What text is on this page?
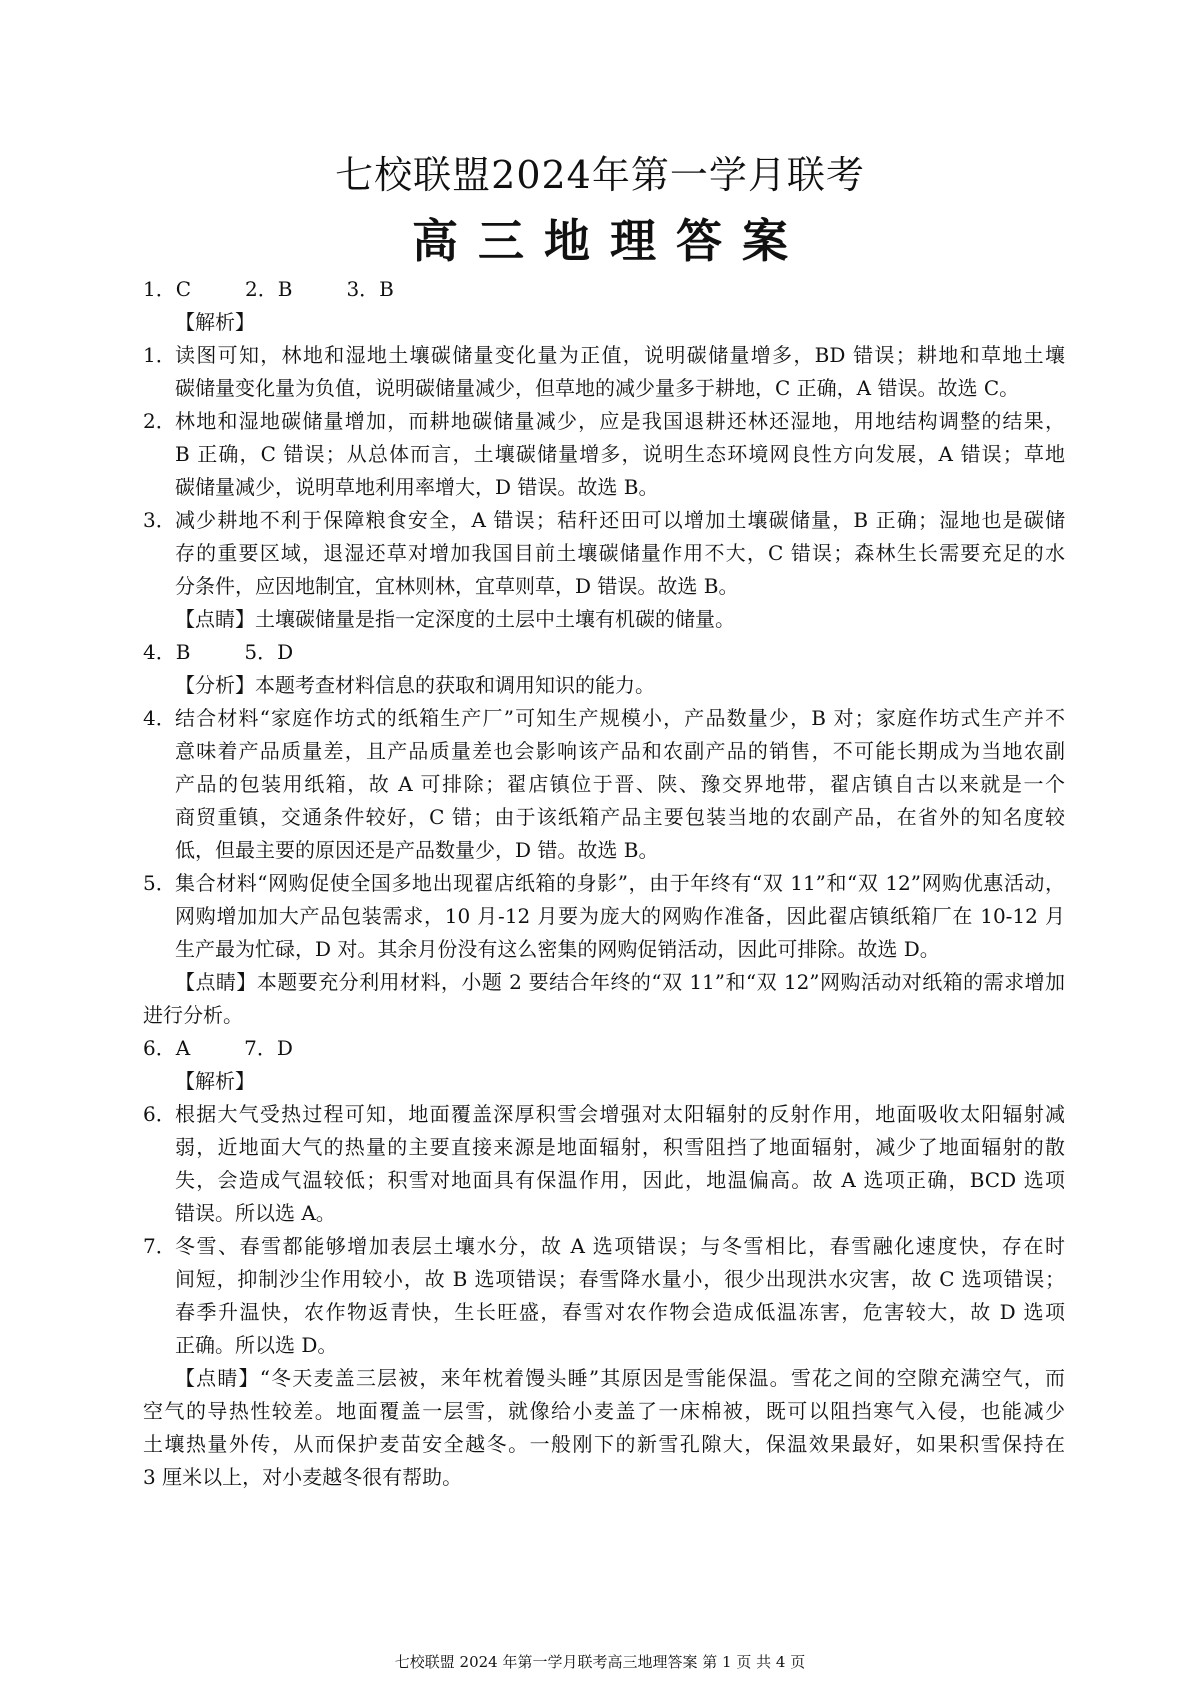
七校联盟2024年第一学月联考
高三地理答案
1．C	2．B	3．B
【解析】
1． 读图可知，林地和湿地土壤碳储量变化量为正值，说明碳储量增多，BD 错误；耕地和草地土壤
碳储量变化量为负值，说明碳储量减少，但草地的减少量多于耕地，C 正确，A 错误。故选 C。
2． 林地和湿地碳储量增加，而耕地碳储量减少，应是我国退耕还林还湿地，用地结构调整的结果，
B 正确，C 错误；从总体而言，土壤碳储量增多，说明生态环境网良性方向发展，A 错误；草地
碳储量减少，说明草地利用率增大，D 错误。故选 B。
3． 减少耕地不利于保障粮食安全，A 错误；秸秆还田可以增加土壤碳储量，B 正确；湿地也是碳储
存的重要区域，退湿还草对增加我国目前土壤碳储量作用不大，C 错误；森林生长需要充足的水
分条件，应因地制宜，宜林则林，宜草则草，D 错误。故选 B。
【点睛】土壤碳储量是指一定深度的土层中土壤有机碳的储量。
4．B	5．D
【分析】本题考查材料信息的获取和调用知识的能力。
4． 结合材料“家庭作坊式的纸箱生产厂”可知生产规模小，产品数量少，B 对；家庭作坊式生产并不
意味着产品质量差，且产品质量差也会影响该产品和农副产品的销售，不可能长期成为当地农副
产品的包装用纸箱，故 A 可排除；翟店镇位于晋、陕、豫交界地带，翟店镇自古以来就是一个
商贸重镇，交通条件较好，C 错；由于该纸箱产品主要包装当地的农副产品，在省外的知名度较
低，但最主要的原因还是产品数量少，D 错。故选 B。
5． 集合材料“网购促使全国多地出现翟店纸箱的身影”，由于年终有“双 11”和“双 12”网购优惠活动，
网购增加加大产品包装需求，10 月-12 月要为庞大的网购作准备，因此翟店镇纸箱厂在 10-12 月
生产最为忙碌，D 对。其余月份没有这么密集的网购促销活动，因此可排除。故选 D。
【点睛】本题要充分利用材料，小题 2 要结合年终的“双 11”和“双 12”网购活动对纸箱的需求增加
进行分析。
6．A	7．D
【解析】
6． 根据大气受热过程可知，地面覆盖深厚积雪会增强对太阳辐射的反射作用，地面吸收太阳辐射减
弱，近地面大气的热量的主要直接来源是地面辐射，积雪阻挡了地面辐射，减少了地面辐射的散
失，会造成气温较低；积雪对地面具有保温作用，因此，地温偏高。故 A 选项正确，BCD 选项
错误。所以选 A。
7． 冬雪、春雪都能够增加表层土壤水分，故 A 选项错误；与冬雪相比，春雪融化速度快，存在时
间短，抑制沙尘作用较小，故 B 选项错误；春雪降水量小，很少出现洪水灾害，故 C 选项错误；
春季升温快，农作物返青快，生长旺盛，春雪对农作物会造成低温冻害，危害较大，故 D 选项
正确。所以选 D。
【点睛】“冬天麦盖三层被，来年枕着馒头睡”其原因是雪能保温。雪花之间的空隙充满空气，而
空气的导热性较差。地面覆盖一层雪，就像给小麦盖了一床棉被，既可以阻挡寒气入侵，也能减少
土壤热量外传，从而保护麦苗安全越冬。一般刚下的新雪孔隙大，保温效果最好，如果积雪保持在
3 厘米以上，对小麦越冬很有帮助。
七校联盟 2024 年第一学月联考高三地理答案 第 1 页 共 4 页
